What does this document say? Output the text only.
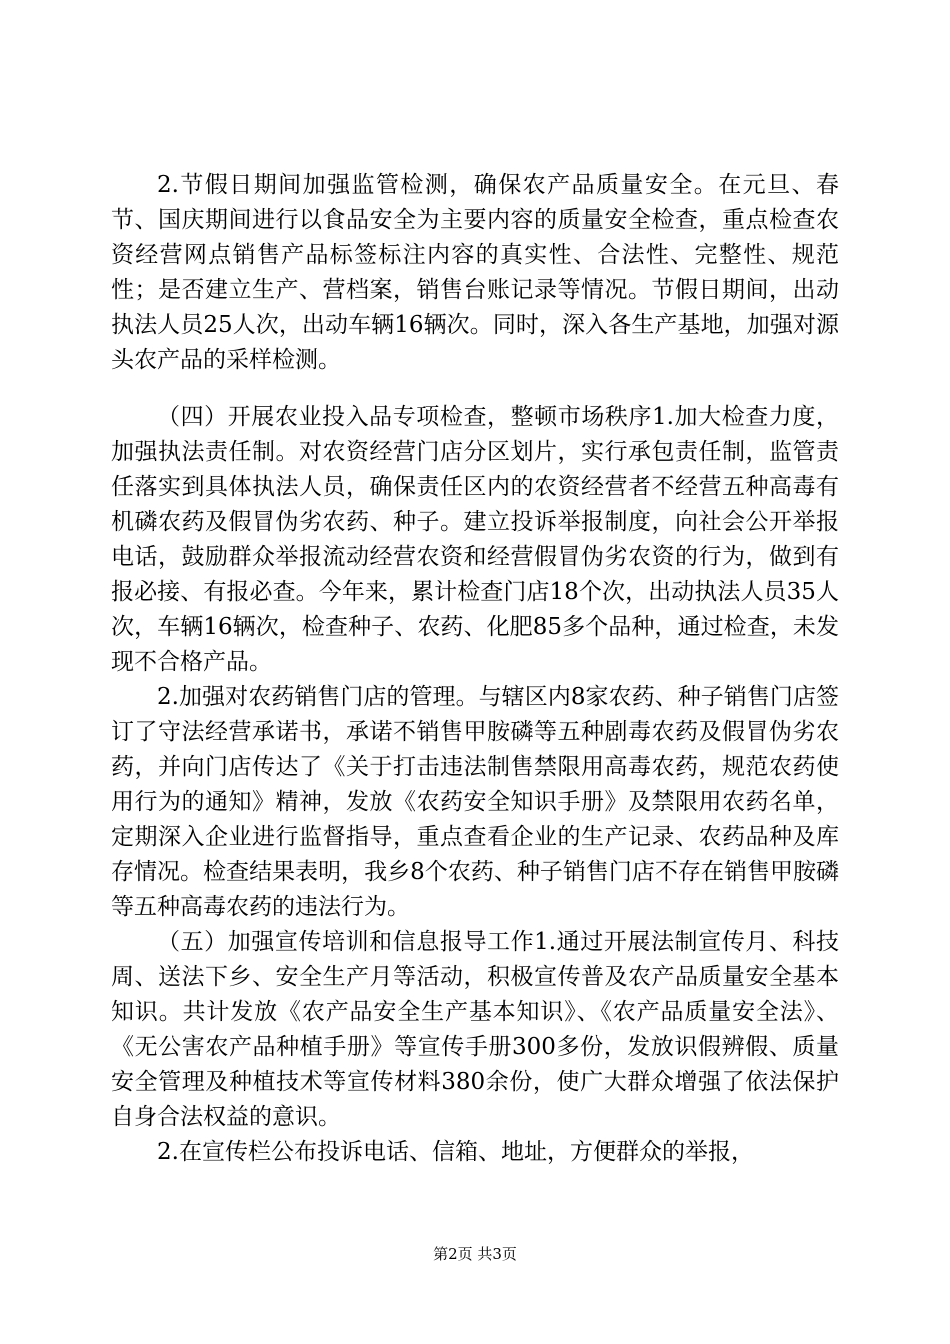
2.节假日期间加强监管检测，确保农产品质量安全。在元旦、春节、国庆期间进行以食品安全为主要内容的质量安全检查，重点检查农资经营网点销售产品标签标注内容的真实性、合法性、完整性、规范性；是否建立生产、营档案，销售台账记录等情况。节假日期间，出动执法人员25人次，出动车辆16辆次。同时，深入各生产基地，加强对源头农产品的采样检测。

（四）开展农业投入品专项检查，整顿市场秩序1.加大检查力度，加强执法责任制。对农资经营门店分区划片，实行承包责任制，监管责任落实到具体执法人员，确保责任区内的农资经营者不经营五种高毒有机磷农药及假冒伪劣农药、种子。建立投诉举报制度，向社会公开举报电话，鼓励群众举报流动经营农资和经营假冒伪劣农资的行为，做到有报必接、有报必查。今年来，累计检查门店18个次，出动执法人员35人次，车辆16辆次，检查种子、农药、化肥85多个品种，通过检查，未发现不合格产品。

2.加强对农药销售门店的管理。与辖区内8家农药、种子销售门店签订了守法经营承诺书，承诺不销售甲胺磷等五种剧毒农药及假冒伪劣农药，并向门店传达了《关于打击违法制售禁限用高毒农药，规范农药使用行为的通知》精神，发放《农药安全知识手册》及禁限用农药名单，定期深入企业进行监督指导，重点查看企业的生产记录、农药品种及库存情况。检查结果表明，我乡8个农药、种子销售门店不存在销售甲胺磷等五种高毒农药的违法行为。

（五）加强宣传培训和信息报导工作1.通过开展法制宣传月、科技周、送法下乡、安全生产月等活动，积极宣传普及农产品质量安全基本知识。共计发放《农产品安全生产基本知识》、《农产品质量安全法》、《无公害农产品种植手册》等宣传手册300多份，发放识假辨假、质量安全管理及种植技术等宣传材料380余份，使广大群众增强了依法保护自身合法权益的意识。

2.在宣传栏公布投诉电话、信箱、地址，方便群众的举报，

第2页 共3页
